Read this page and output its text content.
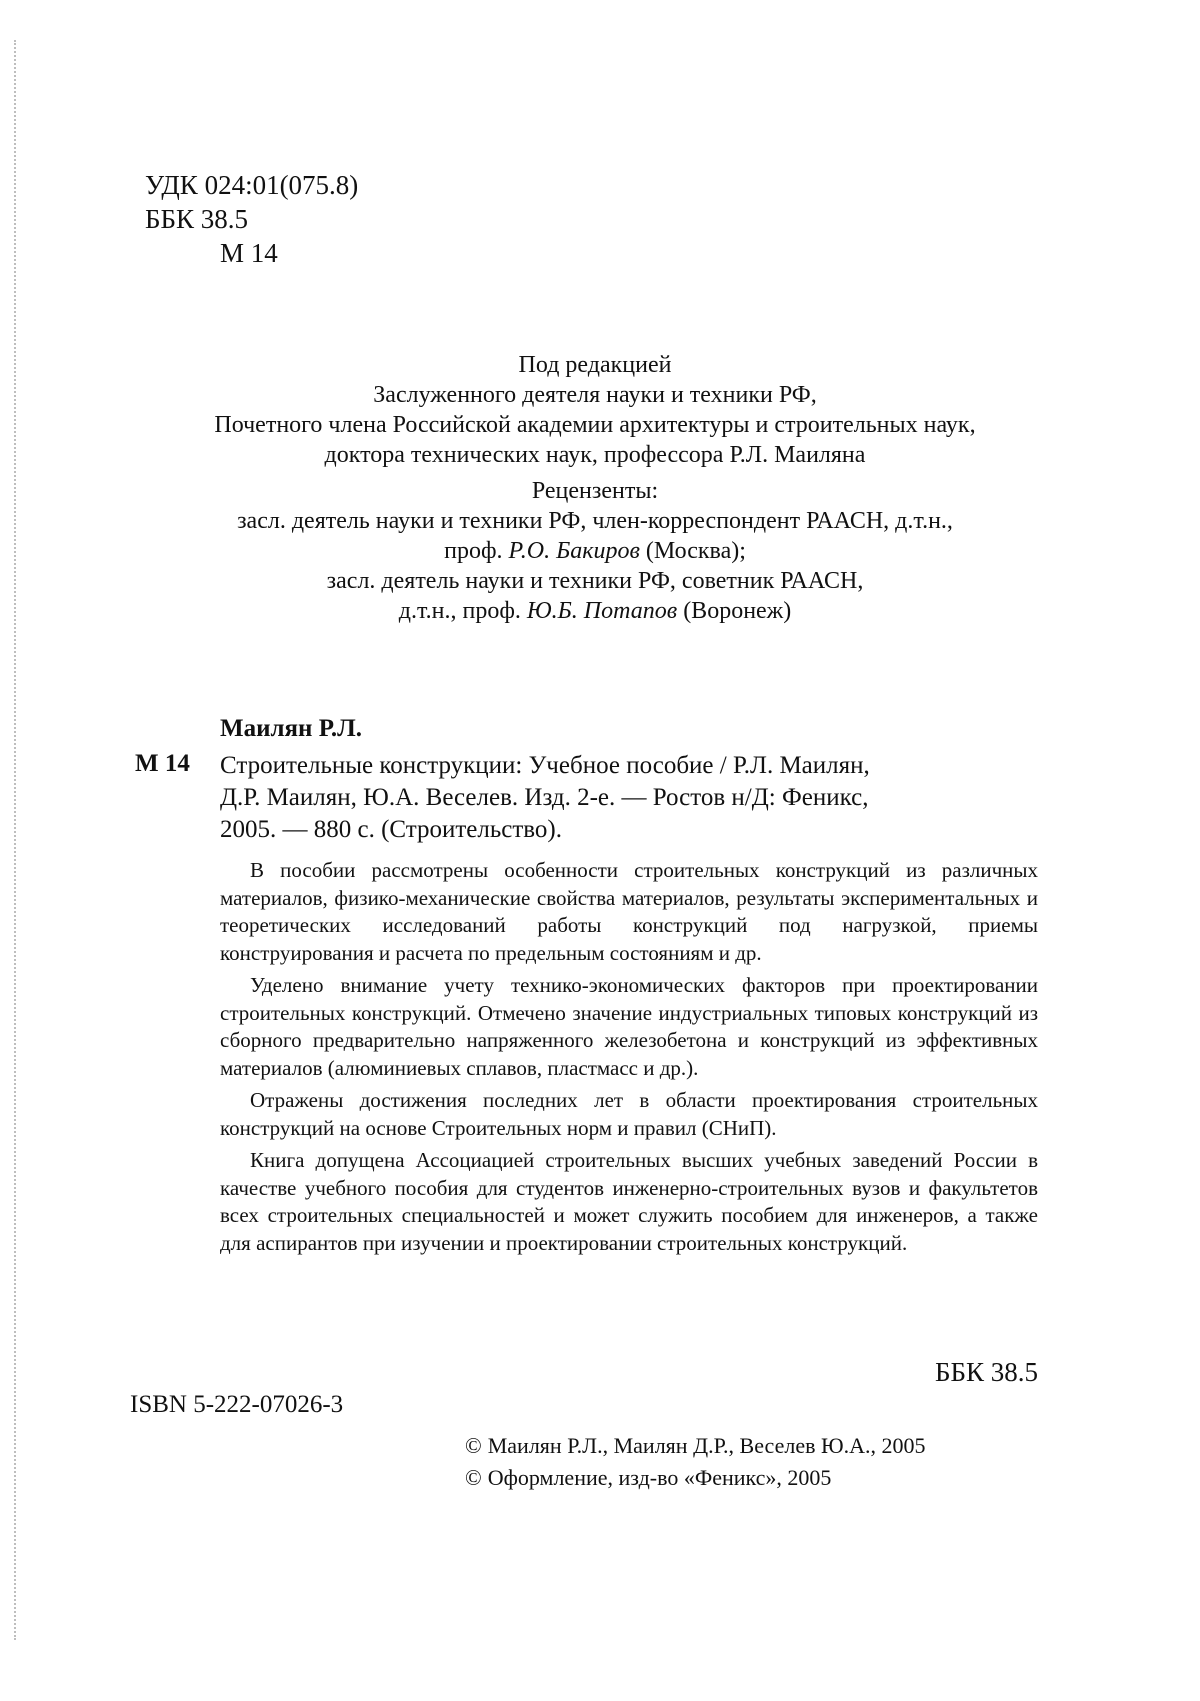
УДК 024:01(075.8)
ББК 38.5
М 14
Под редакцией
Заслуженного деятеля науки и техники РФ,
Почетного члена Российской академии архитектуры и строительных наук,
доктора технических наук, профессора Р.Л. Маиляна
Рецензенты:
засл. деятель науки и техники РФ, член-корреспондент РААСН, д.т.н.,
проф. Р.О. Бакиров (Москва);
засл. деятель науки и техники РФ, советник РААСН,
д.т.н., проф. Ю.Б. Потапов (Воронеж)
Маилян Р.Л.
М 14 Строительные конструкции: Учебное пособие / Р.Л. Маилян,
Д.Р. Маилян, Ю.А. Веселев. Изд. 2-е. — Ростов н/Д: Феникс,
2005. — 880 с. (Строительство).

В пособии рассмотрены особенности строительных конструкций из различных материалов, физико-механические свойства материалов, результаты экспериментальных и теоретических исследований работы конструкций под нагрузкой, приемы конструирования и расчета по предельным состояниям и др.

Уделено внимание учету технико-экономических факторов при проектировании строительных конструкций. Отмечено значение индустриальных типовых конструкций из сборного предварительно напряженного железобетона и конструкций из эффективных материалов (алюминиевых сплавов, пластмасс и др.).

Отражены достижения последних лет в области проектирования строительных конструкций на основе Строительных норм и правил (СНиП).

Книга допущена Ассоциацией строительных высших учебных заведений России в качестве учебного пособия для студентов инженерно-строительных вузов и факультетов всех строительных специальностей и может служить пособием для инженеров, а также для аспирантов при изучении и проектировании строительных конструкций.

ББК 38.5
ISBN 5-222-07026-3
© Маилян Р.Л., Маилян Д.Р., Веселев Ю.А., 2005
© Оформление, изд-во «Феникс», 2005
